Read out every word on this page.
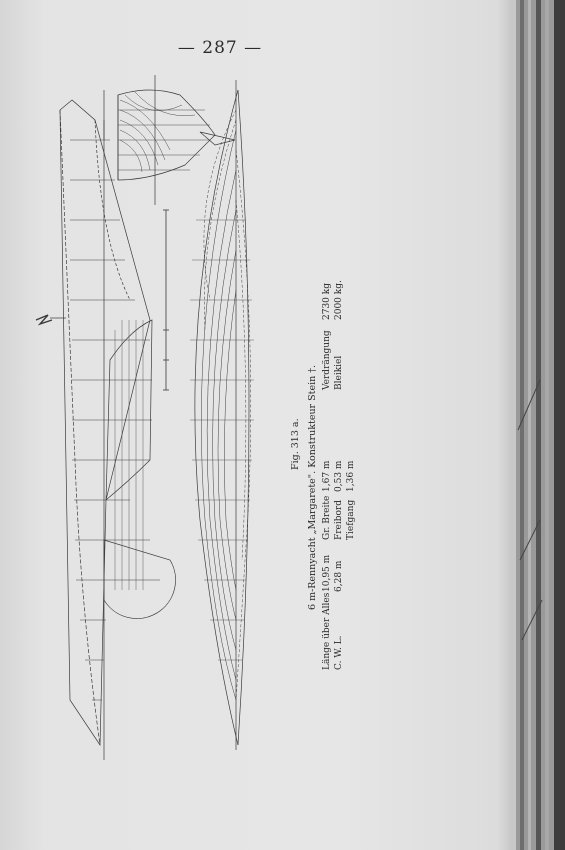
— 287 —
Fig. 313 a. 6 m-Rennyacht „Margarete". Konstrukteur Stein †.
Länge über Alles
10,95 m
C. W. L.
6,28 m
Gr. Breite
1,67 m
Freibord
0,53 m
Tiefgang
1,36 m
Verdrängung
2730 kg
Bleikiel
2000 kg.
